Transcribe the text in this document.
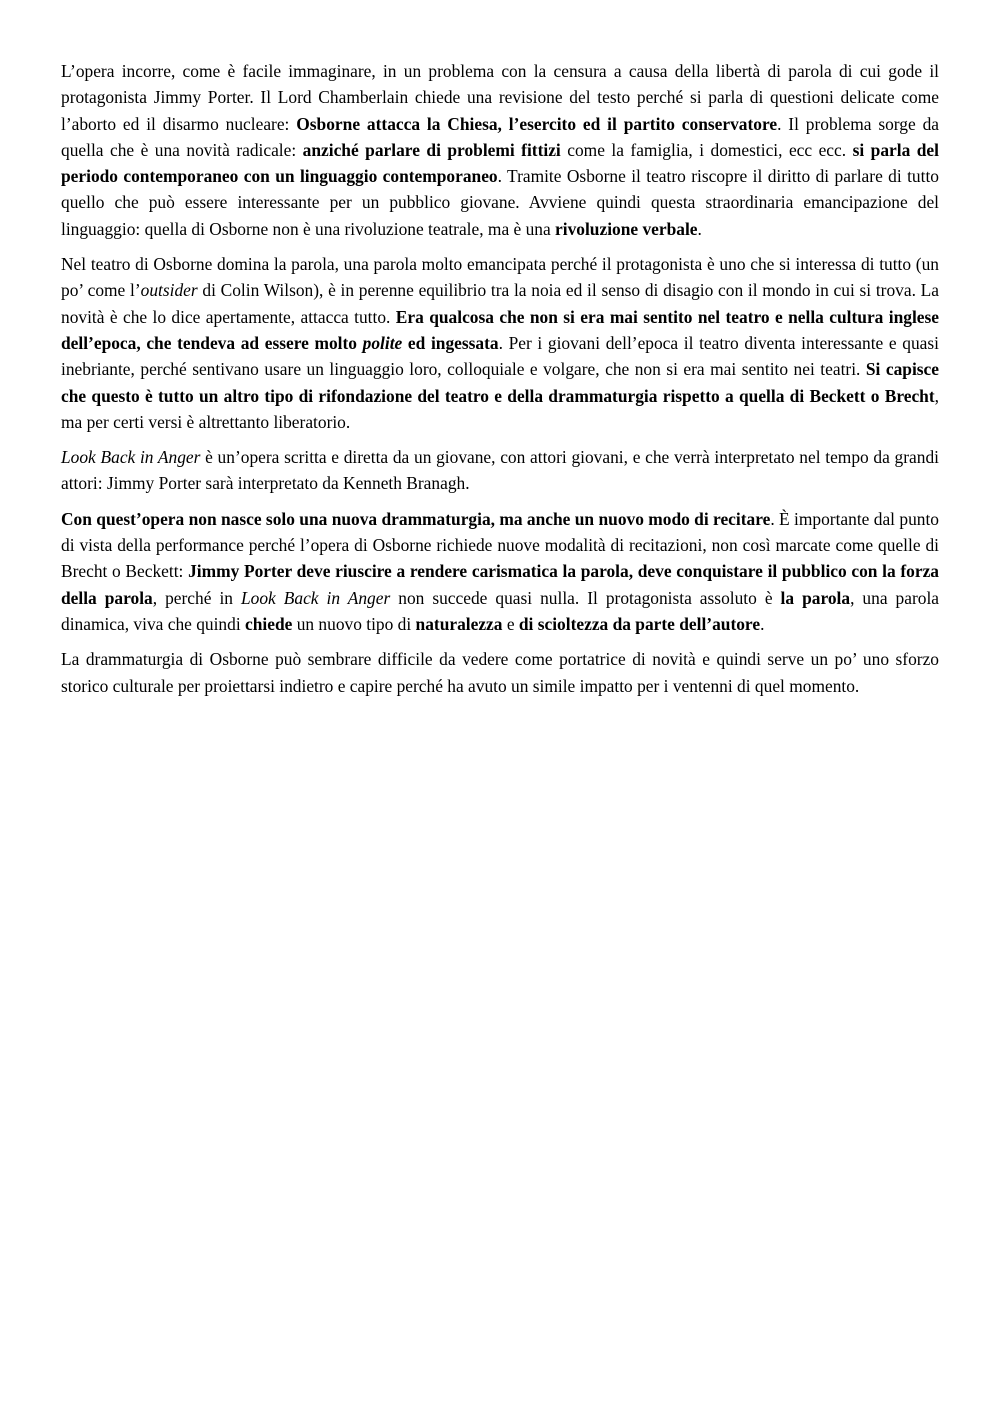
L’opera incorre, come è facile immaginare, in un problema con la censura a causa della libertà di parola di cui gode il protagonista Jimmy Porter. Il Lord Chamberlain chiede una revisione del testo perché si parla di questioni delicate come l’aborto ed il disarmo nucleare: Osborne attacca la Chiesa, l’esercito ed il partito conservatore. Il problema sorge da quella che è una novità radicale: anziché parlare di problemi fittizi come la famiglia, i domestici, ecc ecc. si parla del periodo contemporaneo con un linguaggio contemporaneo. Tramite Osborne il teatro riscopre il diritto di parlare di tutto quello che può essere interessante per un pubblico giovane. Avviene quindi questa straordinaria emancipazione del linguaggio: quella di Osborne non è una rivoluzione teatrale, ma è una rivoluzione verbale.

Nel teatro di Osborne domina la parola, una parola molto emancipata perché il protagonista è uno che si interessa di tutto (un po’ come l’outsider di Colin Wilson), è in perenne equilibrio tra la noia ed il senso di disagio con il mondo in cui si trova. La novità è che lo dice apertamente, attacca tutto. Era qualcosa che non si era mai sentito nel teatro e nella cultura inglese dell’epoca, che tendeva ad essere molto polite ed ingessata. Per i giovani dell’epoca il teatro diventa interessante e quasi inebriante, perché sentivano usare un linguaggio loro, colloquiale e volgare, che non si era mai sentito nei teatri. Si capisce che questo è tutto un altro tipo di rifondazione del teatro e della drammaturgia rispetto a quella di Beckett o Brecht, ma per certi versi è altrettanto liberatorio.

Look Back in Anger è un’opera scritta e diretta da un giovane, con attori giovani, e che verrà interpretato nel tempo da grandi attori: Jimmy Porter sarà interpretato da Kenneth Branagh.

Con quest’opera non nasce solo una nuova drammaturgia, ma anche un nuovo modo di recitare. È importante dal punto di vista della performance perché l’opera di Osborne richiede nuove modalità di recitazioni, non così marcate come quelle di Brecht o Beckett: Jimmy Porter deve riuscire a rendere carismatica la parola, deve conquistare il pubblico con la forza della parola, perché in Look Back in Anger non succede quasi nulla. Il protagonista assoluto è la parola, una parola dinamica, viva che quindi chiede un nuovo tipo di naturalezza e di scioltezza da parte dell’autore.

La drammaturgia di Osborne può sembrare difficile da vedere come portatrice di novità e quindi serve un po’ uno sforzo storico culturale per proiettarsi indietro e capire perché ha avuto un simile impatto per i ventenni di quel momento.
